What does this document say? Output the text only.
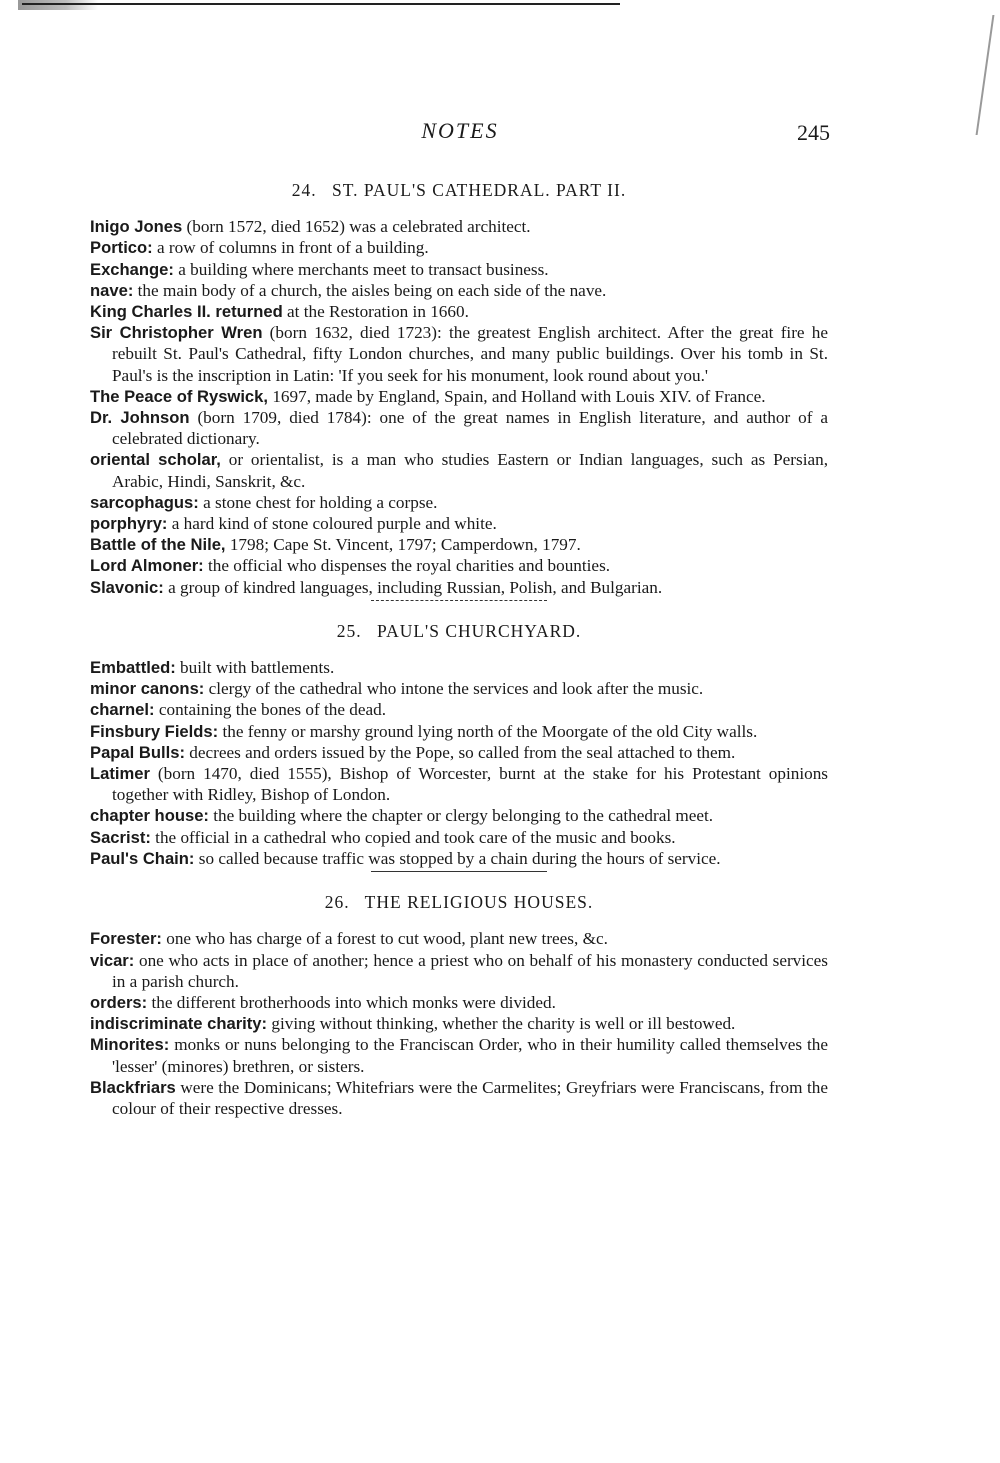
NOTES	245
24. ST. PAUL'S CATHEDRAL. PART II.

Inigo Jones (born 1572, died 1652) was a celebrated architect.

Portico: a row of columns in front of a building.

Exchange: a building where merchants meet to transact business.

nave: the main body of a church, the aisles being on each side of the nave.

King Charles II. returned at the Restoration in 1660.

Sir Christopher Wren (born 1632, died 1723): the greatest English architect. After the great fire he rebuilt St. Paul's Cathedral, fifty London churches, and many public buildings. Over his tomb in St. Paul's is the inscription in Latin: 'If you seek for his monument, look round about you.'

The Peace of Ryswick, 1697, made by England, Spain, and Holland with Louis XIV. of France.

Dr. Johnson (born 1709, died 1784): one of the great names in English literature, and author of a celebrated dictionary.

oriental scholar, or orientalist, is a man who studies Eastern or Indian languages, such as Persian, Arabic, Hindi, Sanskrit, &c.

sarcophagus: a stone chest for holding a corpse.

porphyry: a hard kind of stone coloured purple and white.

Battle of the Nile, 1798; Cape St. Vincent, 1797; Camperdown, 1797.

Lord Almoner: the official who dispenses the royal charities and bounties.

Slavonic: a group of kindred languages, including Russian, Polish, and Bulgarian.

25. PAUL'S CHURCHYARD.

Embattled: built with battlements.

minor canons: clergy of the cathedral who intone the services and look after the music.

charnel: containing the bones of the dead.

Finsbury Fields: the fenny or marshy ground lying north of the Moorgate of the old City walls.

Papal Bulls: decrees and orders issued by the Pope, so called from the seal attached to them.

Latimer (born 1470, died 1555), Bishop of Worcester, burnt at the stake for his Protestant opinions together with Ridley, Bishop of London.

chapter house: the building where the chapter or clergy belonging to the cathedral meet.

Sacrist: the official in a cathedral who copied and took care of the music and books.

Paul's Chain: so called because traffic was stopped by a chain during the hours of service.

26. THE RELIGIOUS HOUSES.

Forester: one who has charge of a forest to cut wood, plant new trees, &c.

vicar: one who acts in place of another; hence a priest who on behalf of his monastery conducted services in a parish church.

orders: the different brotherhoods into which monks were divided.

indiscriminate charity: giving without thinking, whether the charity is well or ill bestowed.

Minorites: monks or nuns belonging to the Franciscan Order, who in their humility called themselves the 'lesser' (minores) brethren, or sisters.

Blackfriars were the Dominicans; Whitefriars were the Carmelites; Greyfriars were Franciscans, from the colour of their respective dresses.
